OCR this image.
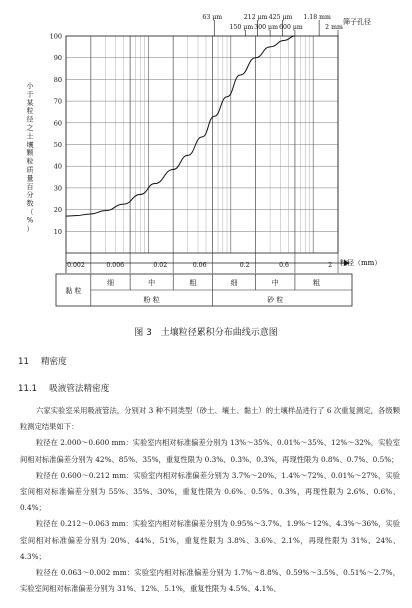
63 μm
150 μm
212 μm
300 μm
425 μm
600 μm
1.18 mm
2 mm
小
于
某
粒
径
之
土
壤
颗
粒
质
量
百
分
数
（
%
）	10
20
30
40
50
60
70
80
90
100
0.002	0.006	0.02	0.06	0.2	0.6	2 粒径（mm）
筛子孔径
细	中	粗	细	中	粗
黏 粒
粉 粒	砂 粒
图 3　土壤粒径累积分布曲线示意图
11 精密度
11.1 吸液管法精密度

六家实验室采用吸液管法，分别对 3 种不同类型（砂土、壤土、黏土）的土壤样品进行了 6 次重复测定，各级颗粒测定结果如下：

粒径在 2.000～0.600 mm：实验室内相对标准偏差分别为 13%～35%、0.01%～35%、12%～32%，实验室间相对标准偏差分别为 42%、85%、35%，重复性限为 0.3%、0.3%、0.3%，再现性限为 0.8%、0.7%、0.5%；

粒径在 0.600～0.212 mm：实验室内相对标准偏差分别为 3.7%～20%、1.4%～72%、0.01%～27%，实验室间相对标准偏差分别为 55%、35%、30%，重复性限为 0.6%、0.5%、0.3%，再现性限为 2.6%、0.6%、0.4%；

粒径在 0.212～0.063 mm：实验室内相对标准偏差分别为 0.95%～3.7%、1.9%～12%、4.3%～36%，实验室间相对标准偏差分别为 20%、44%、51%，重复性限为 3.8%、3.6%、2.1%，再现性限为 31%、24%、4.3%；

粒径在 0.063～0.002 mm：实验室内相对标准偏差分别为 1.7%～8.8%、0.59%～3.5%、0.51%～2.7%，实验室间相对标准偏差分别为 31%、12%、5.1%，重复性限为 4.5%、4.1%、
